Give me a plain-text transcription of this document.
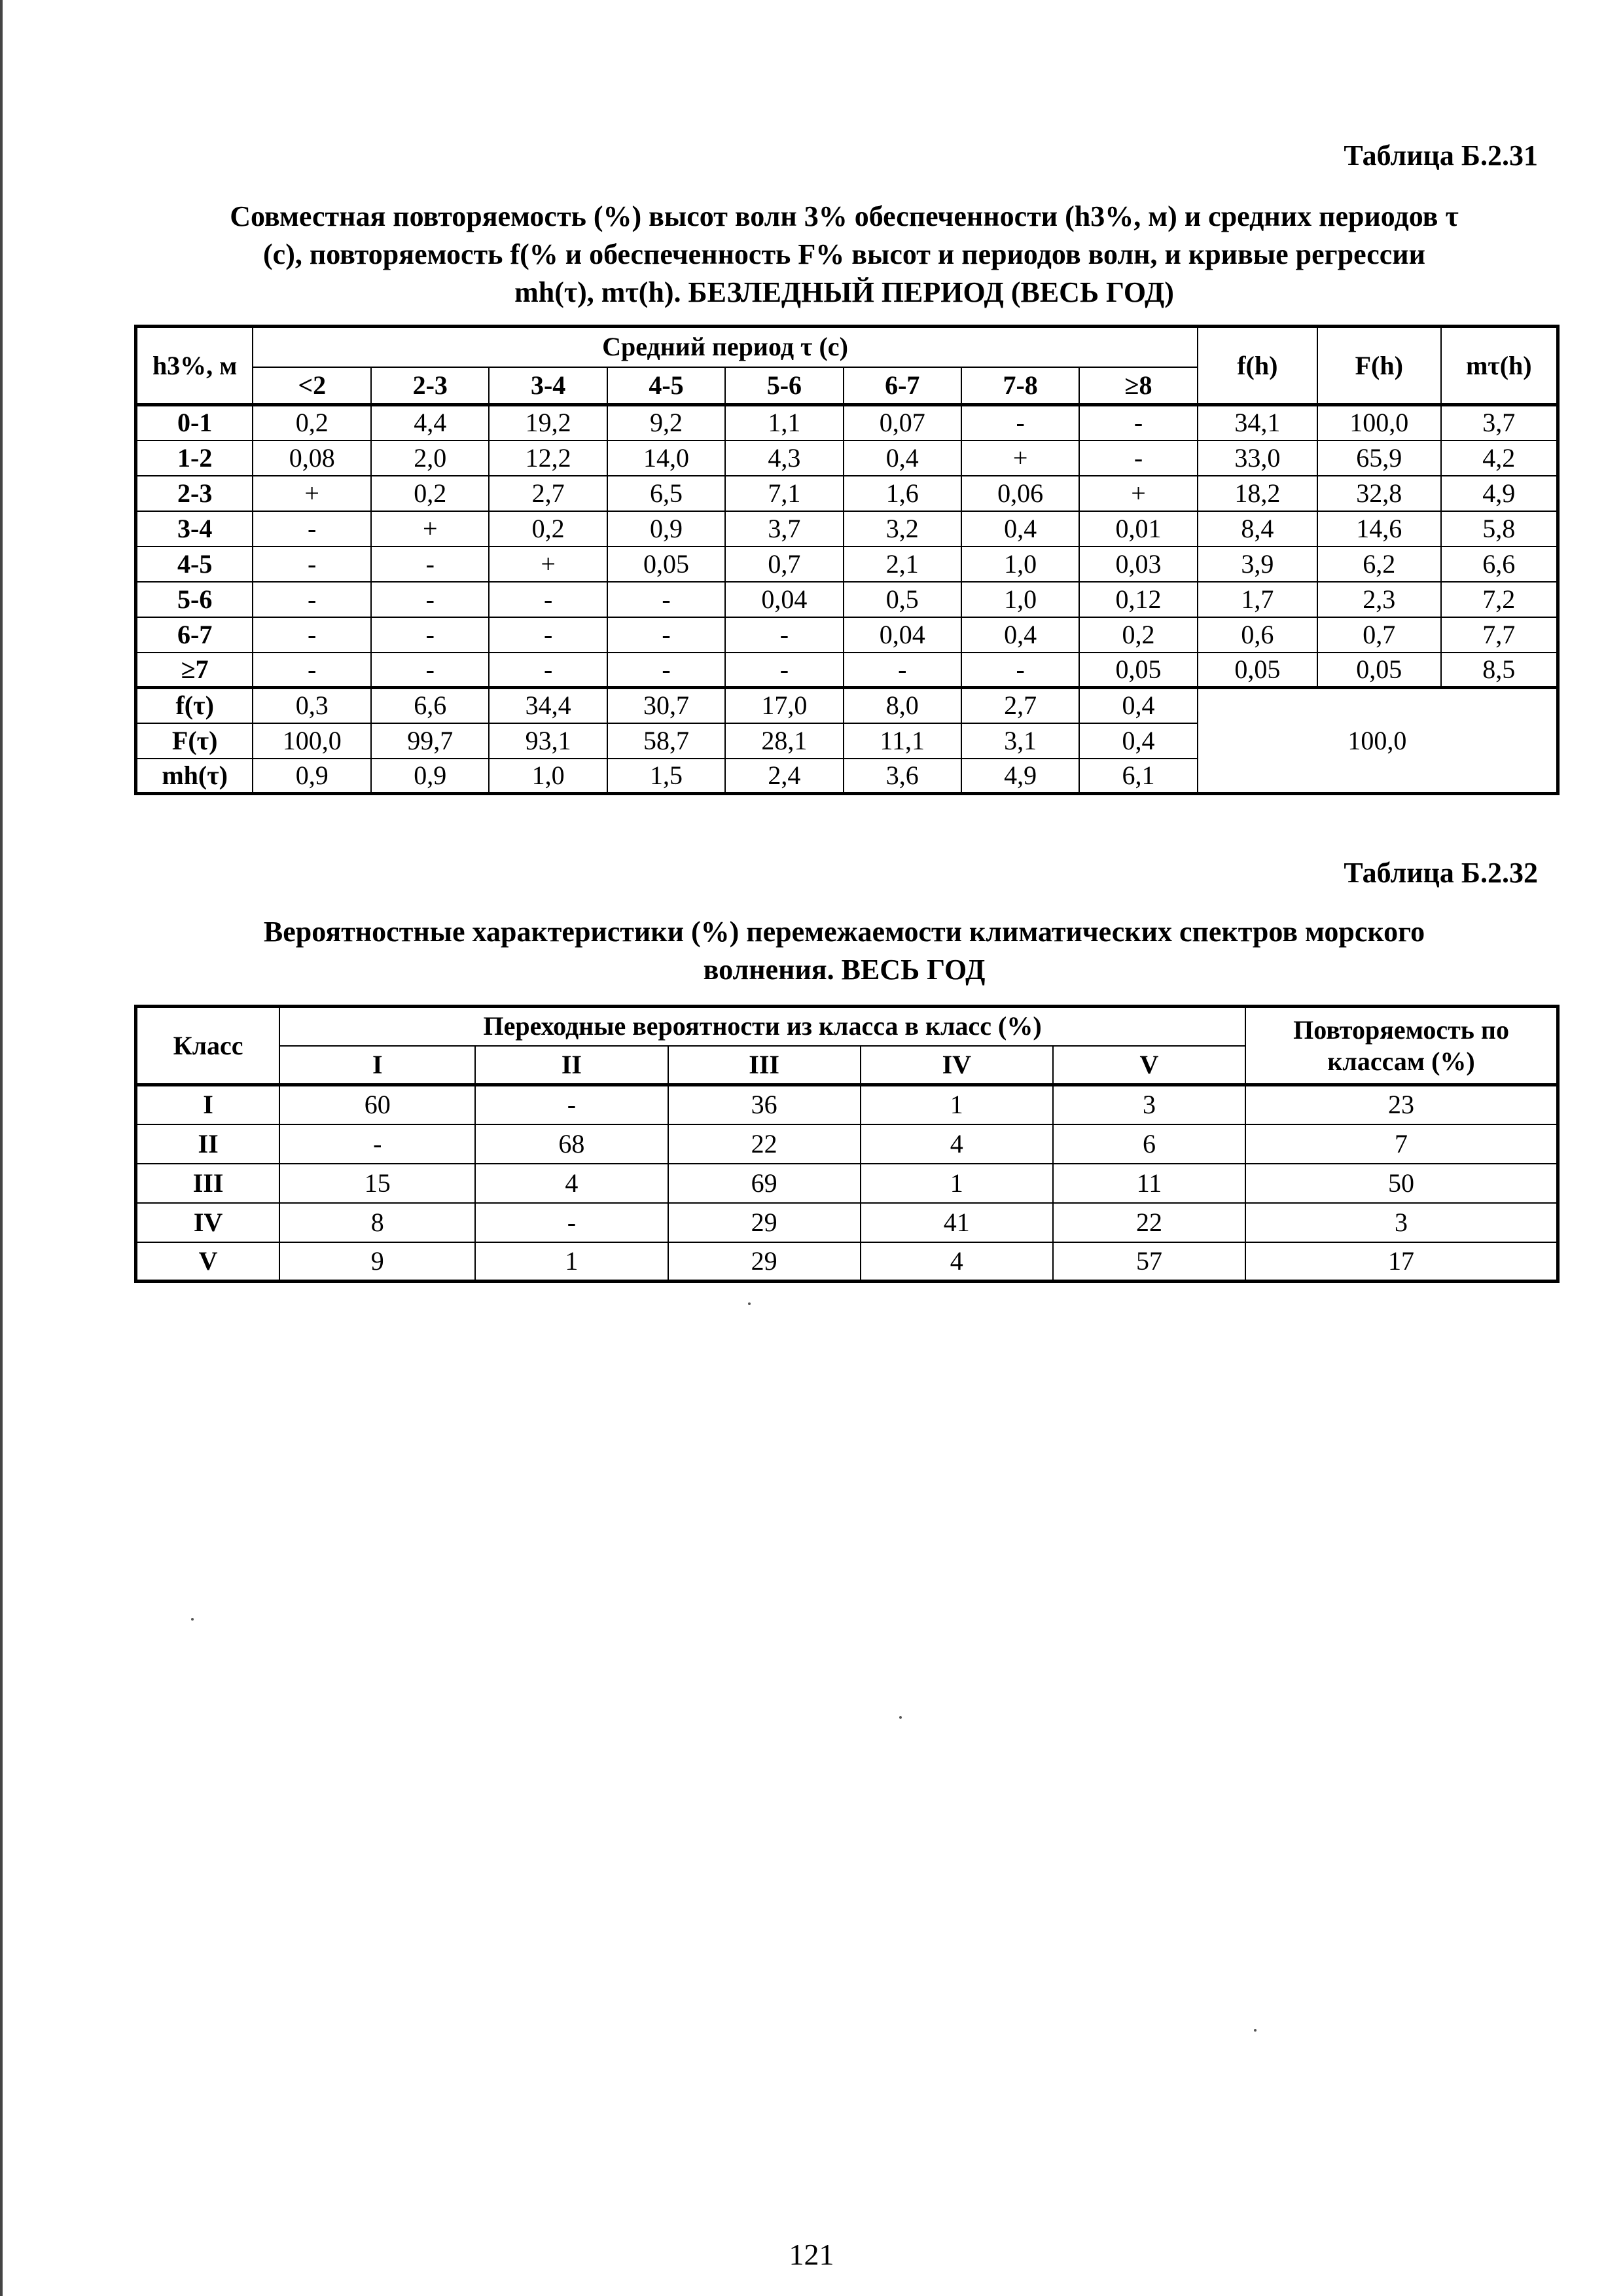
Таблица Б.2.31
Совместная повторяемость (%) высот волн 3% обеспеченности (h3%, м) и средних периодов τ
(с), повторяемость f(% и обеспеченность F% высот и периодов волн, и кривые регрессии
mh(τ), mτ(h). БЕЗЛЕДНЫЙ ПЕРИОД (ВЕСЬ ГОД)
h3%, м	Средний период τ (с)								f(h)	F(h)	mτ(h)
	<2	2-3	3-4	4-5	5-6	6-7	7-8	≥8			
0-1	0,2	4,4	19,2	9,2	1,1	0,07	-	-	34,1	100,0	3,7
1-2	0,08	2,0	12,2	14,0	4,3	0,4	+	-	33,0	65,9	4,2
2-3	+	0,2	2,7	6,5	7,1	1,6	0,06	+	18,2	32,8	4,9
3-4	-	+	0,2	0,9	3,7	3,2	0,4	0,01	8,4	14,6	5,8
4-5	-	-	+	0,05	0,7	2,1	1,0	0,03	3,9	6,2	6,6
5-6	-	-	-	-	0,04	0,5	1,0	0,12	1,7	2,3	7,2
6-7	-	-	-	-	-	0,04	0,4	0,2	0,6	0,7	7,7
≥7	-	-	-	-	-	-	-	0,05	0,05	0,05	8,5
f(τ)	0,3	6,6	34,4	30,7	17,0	8,0	2,7	0,4	100,0		
F(τ)	100,0	99,7	93,1	58,7	28,1	11,1	3,1	0,4			
mh(τ)	0,9	0,9	1,0	1,5	2,4	3,6	4,9	6,1			
Таблица Б.2.32
Вероятностные характеристики (%) перемежаемости климатических спектров морского
волнения. ВЕСЬ ГОД
Класс	Переходные вероятности из класса в класс (%)					Повторяемость по
классам (%)

	I	II	III	IV	V	
I	60	-	36	1	3	23
II	-	68	22	4	6	7
III	15	4	69	1	11	50
IV	8	-	29	41	22	3
V	9	1	29	4	57	17
121
